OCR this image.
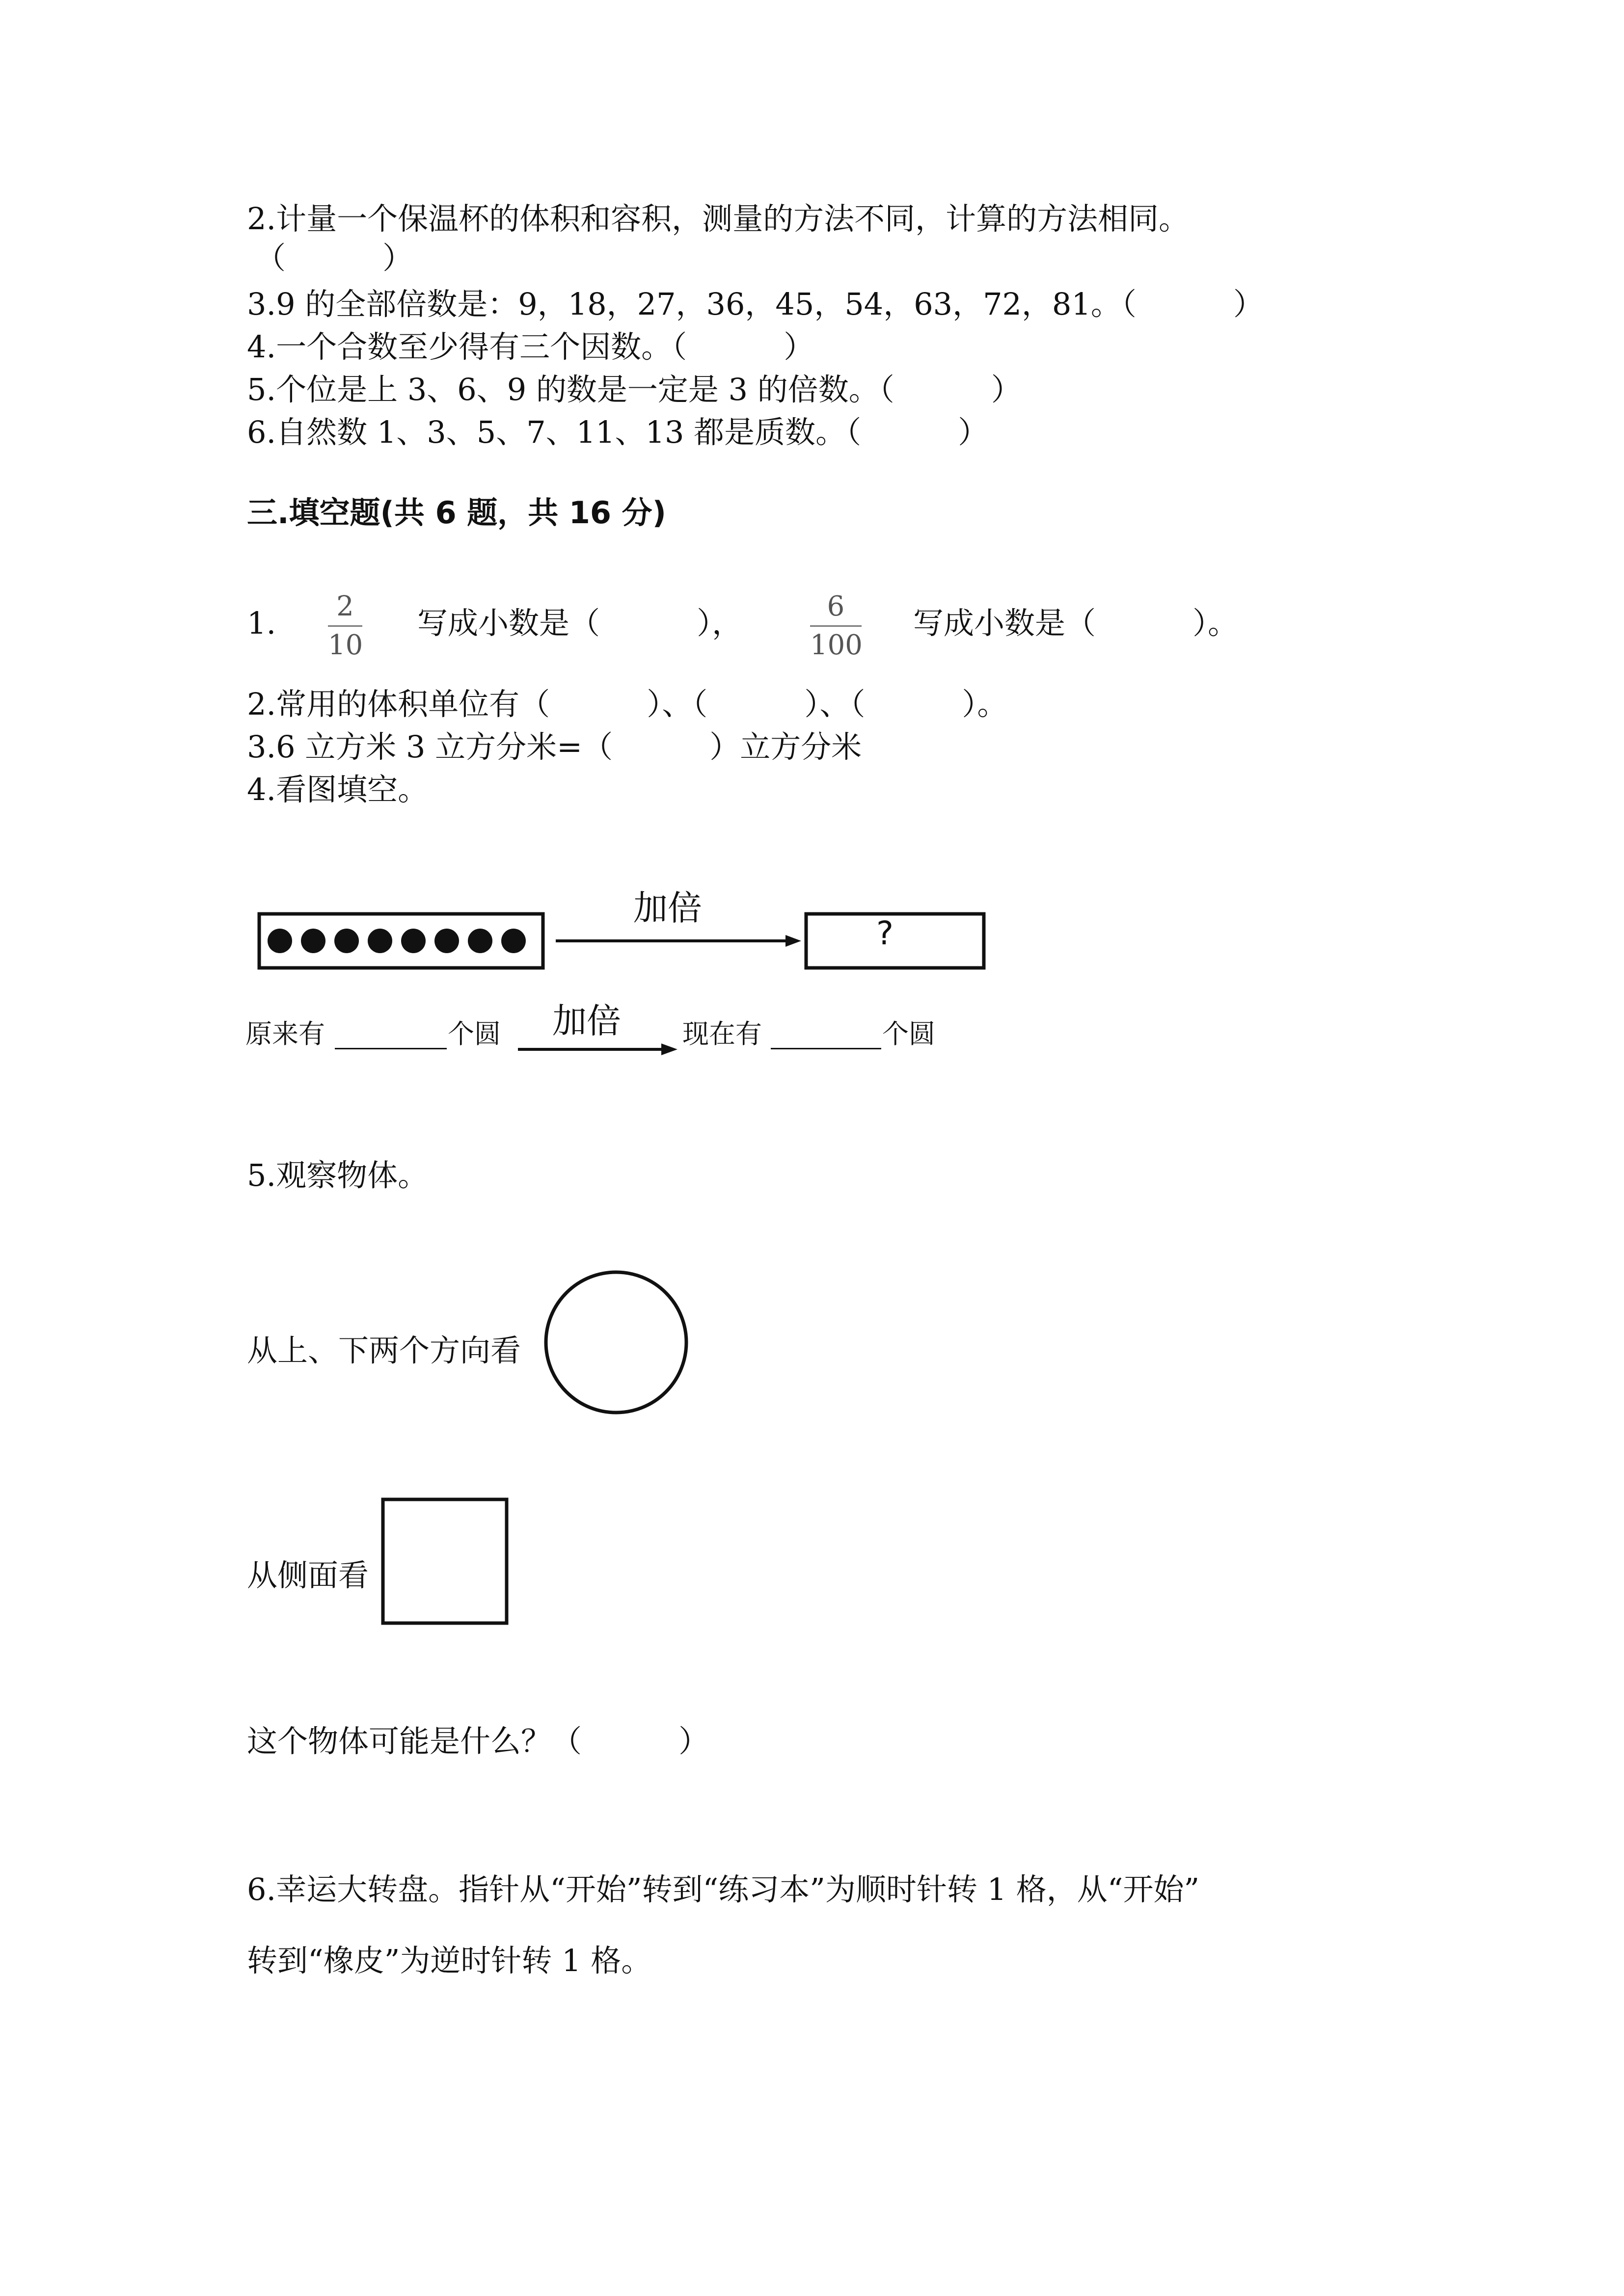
2.计量一个保温杯的体积和容积，测量的方法不同，计算的方法相同。
（          ）
3.9 的全部倍数是：9，18，27，36，45，54，63，72，81。（          ）
4.一个合数至少得有三个因数。（          ）
5.个位是上 3、6、9 的数是一定是 3 的倍数。（          ）
6.自然数 1、3、5、7、11、13 都是质数。（          ）
三.填空题(共 6 题，共 16 分)
1.	2
10
写成小数是（          ），	6
100
写成小数是（          ）。
2.常用的体积单位有（          ）、（          ）、（          ）。
3.6 立方米 3 立方分米=（          ）立方分米
4.看图填空。
加倍
?
原来有	个圆 加倍 现在有	个圆
5.观察物体。
从上、下两个方向看
从侧面看
这个物体可能是什么？（          ）
6.幸运大转盘。指针从“开始”转到“练习本”为顺时针转 1 格，从“开始”
转到“橡皮”为逆时针转 1 格。
